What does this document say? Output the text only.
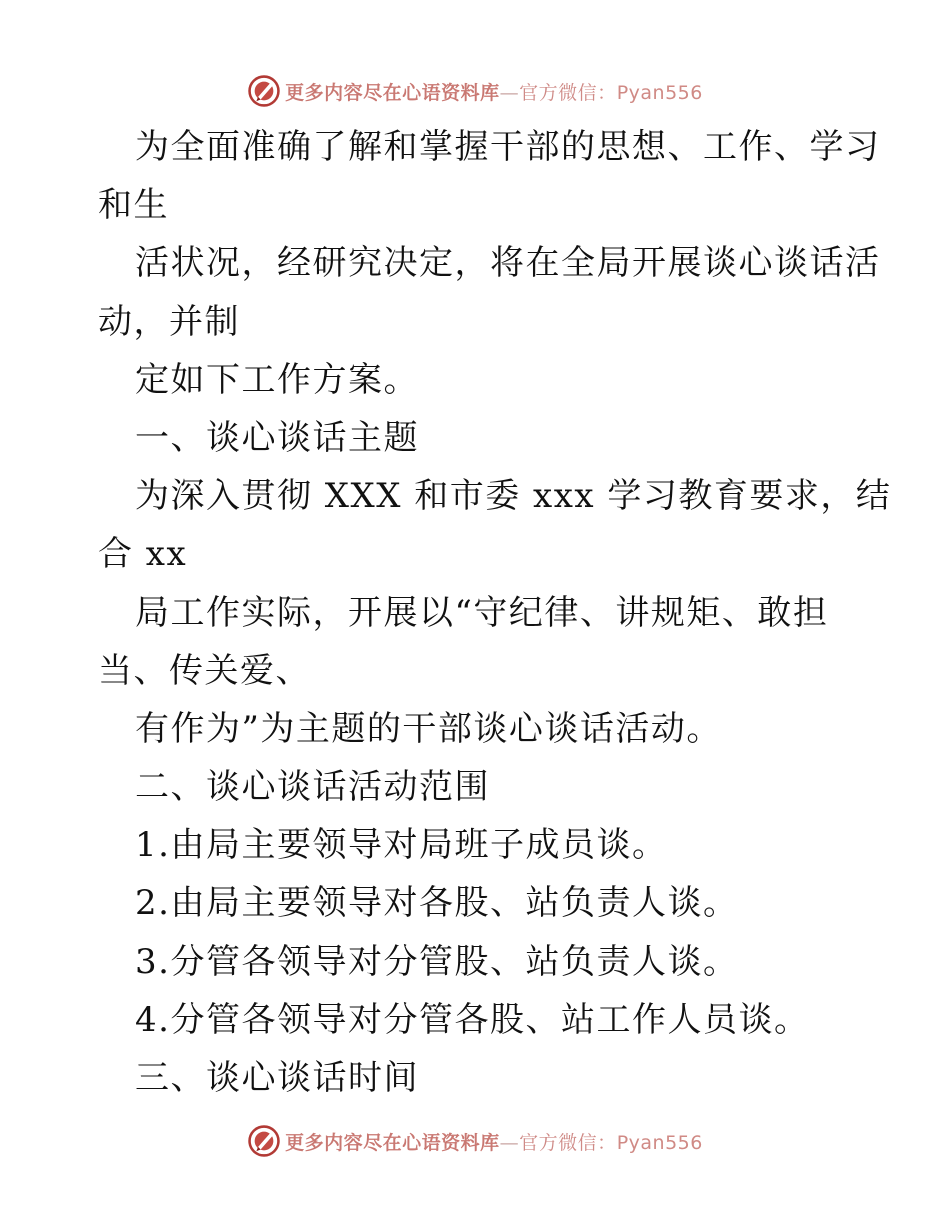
更多内容尽在心语资料库—官方微信：Pyan556
为全面准确了解和掌握干部的思想、工作、学习
和生
活状况，经研究决定，将在全局开展谈心谈话活
动，并制
定如下工作方案。
一、谈心谈话主题
为深入贯彻 XXX 和市委 xxx 学习教育要求，结
合 xx
局工作实际，开展以“守纪律、讲规矩、敢担
当、传关爱、
有作为”为主题的干部谈心谈话活动。
二、谈心谈话活动范围
1.由局主要领导对局班子成员谈。
2.由局主要领导对各股、站负责人谈。
3.分管各领导对分管股、站负责人谈。
4.分管各领导对分管各股、站工作人员谈。
三、谈心谈话时间
更多内容尽在心语资料库—官方微信：Pyan556
